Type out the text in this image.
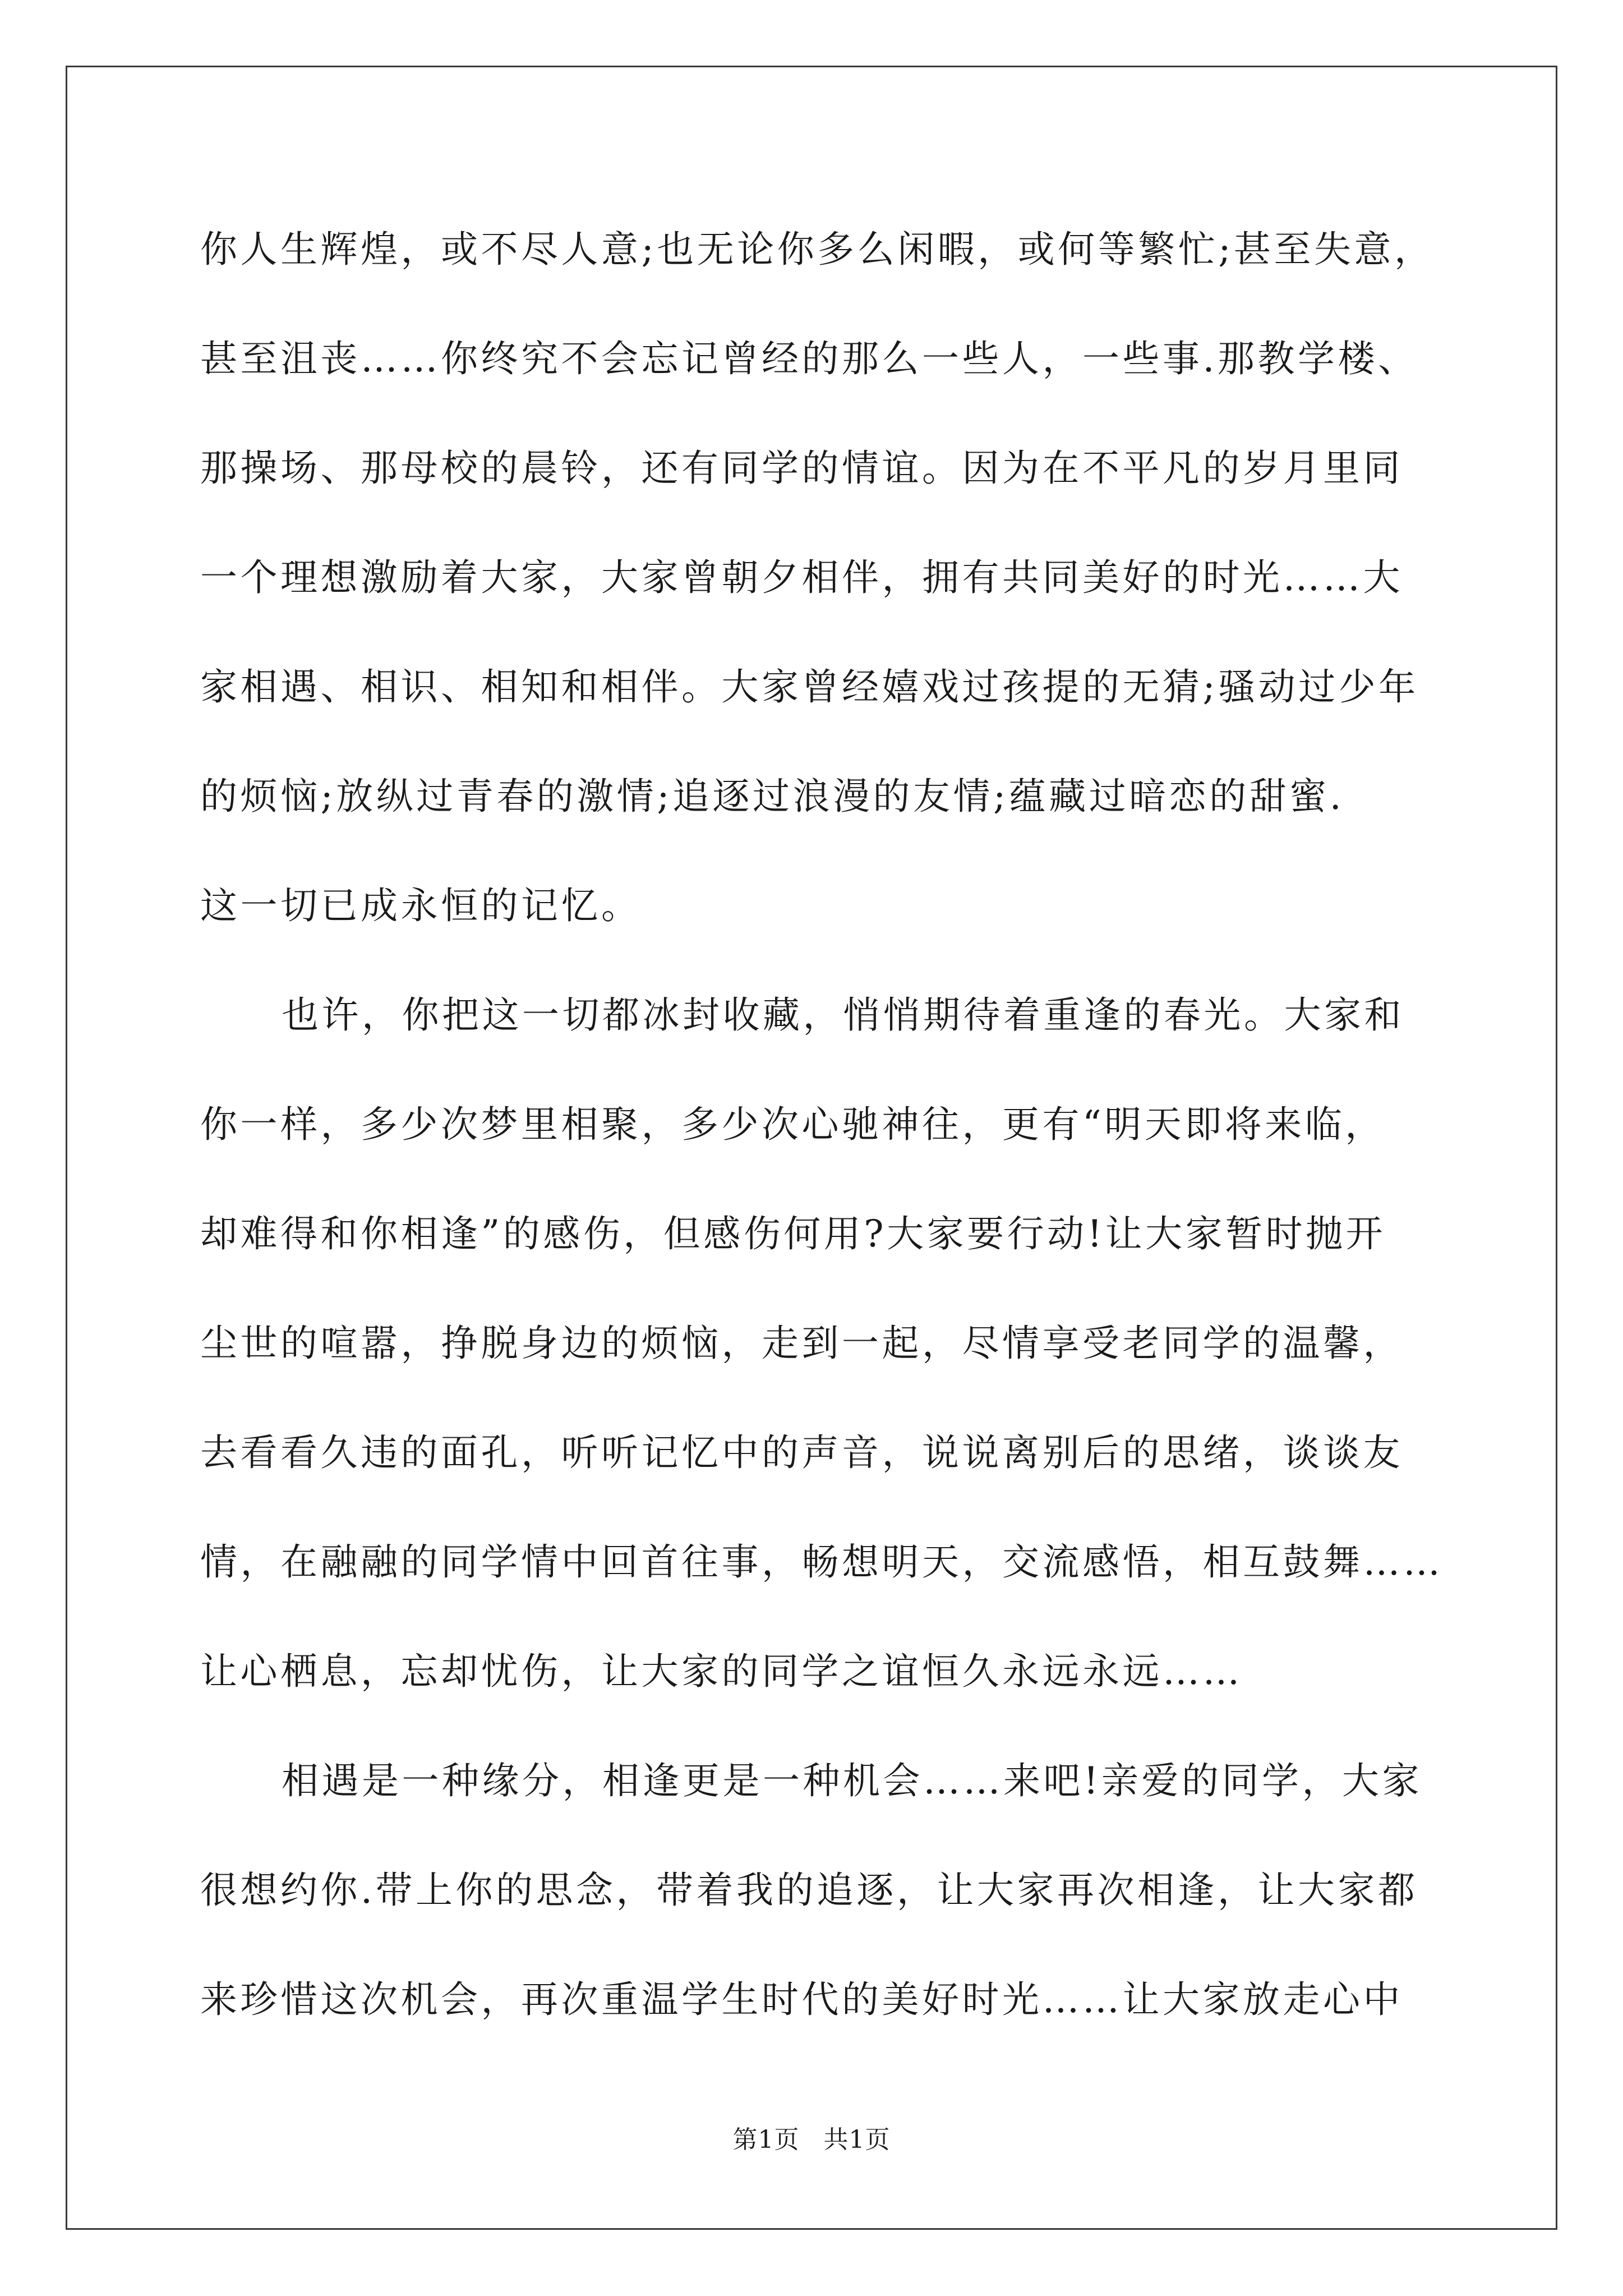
你人生辉煌，或不尽人意;也无论你多么闲暇，或何等繁忙;甚至失意，
甚至沮丧……你终究不会忘记曾经的那么一些人，一些事.那教学楼、
那操场、那母校的晨铃，还有同学的情谊。因为在不平凡的岁月里同
一个理想激励着大家，大家曾朝夕相伴，拥有共同美好的时光……大
家相遇、相识、相知和相伴。大家曾经嬉戏过孩提的无猜;骚动过少年
的烦恼;放纵过青春的激情;追逐过浪漫的友情;蕴藏过暗恋的甜蜜.
这一切已成永恒的记忆。
也许，你把这一切都冰封收藏，悄悄期待着重逢的春光。大家和
你一样，多少次梦里相聚，多少次心驰神往，更有“明天即将来临，
却难得和你相逢”的感伤，但感伤何用?大家要行动!让大家暂时抛开
尘世的喧嚣，挣脱身边的烦恼，走到一起，尽情享受老同学的温馨，
去看看久违的面孔，听听记忆中的声音，说说离别后的思绪，谈谈友
情，在融融的同学情中回首往事，畅想明天，交流感悟，相互鼓舞……
让心栖息，忘却忧伤，让大家的同学之谊恒久永远永远……
相遇是一种缘分，相逢更是一种机会……来吧!亲爱的同学，大家
很想约你.带上你的思念，带着我的追逐，让大家再次相逢，让大家都
来珍惜这次机会，再次重温学生时代的美好时光……让大家放走心中
第1页 共1页
